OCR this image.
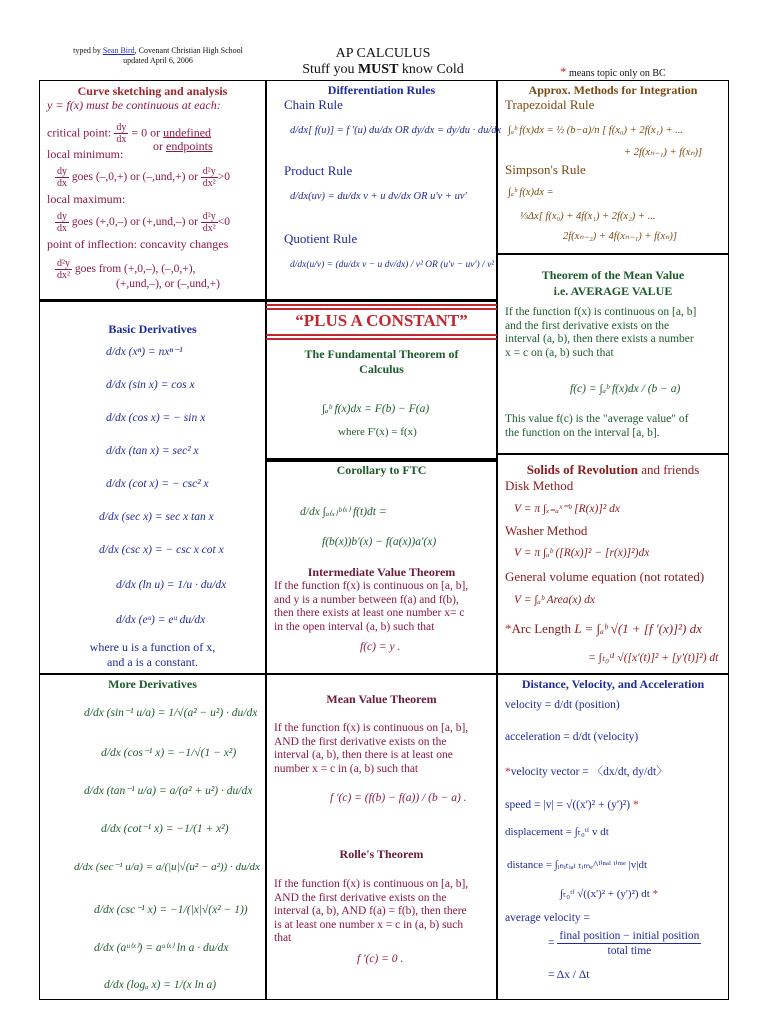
typed by Sean Bird, Covenant Christian High School
updated April 6, 2006	AP CALCULUS
Stuff you MUST know Cold	* means topic only on BC
Curve sketching and analysis
y = f(x) must be continuous at each:
critical point: $\frac{dy}{dx} = 0$ or undefined
or endpoints
local minimum:
$\frac{dy}{dx}$ goes (–,0,+) or (–,und,+) or $\frac{\text{d²y}}{\text{dx²}} >0$
local maximum:
$\frac{dy}{dx}$ goes (+,0,–) or (+,und,–) or $\frac{\text{d²y}}{\text{dx²}} <0$
point of inflection: concavity changes
$\frac{\text{d²y}}{\text{dx²}}$ goes from (+,0,–), (–,0,+),
(+,und,–), or (–,und,+)
Differentiation Rules
Chain Rule
d/dx[ f(u)] = f '(u) du/dx OR dy/dx = dy/du · du/dx
Product Rule
d/dx(uv) = du/dx v + u dv/dx OR u'v + uv'
Quotient Rule
d/dx(u/v) = (du/dx v − u dv/dx) / v² OR (u'v − uv') / v²
Approx. Methods for Integration
Trapezoidal Rule
∫ₐᵇ f(x)dx = ½ (b−a)/n [ f(x₀) + 2f(x₁) + ...
+ 2f(xₙ₋₁) + f(xₙ)]
Simpson's Rule
∫ₐᵇ f(x)dx =
⅓Δx[ f(x₀) + 4f(x₁) + 2f(x₂) + ...
2f(xₙ₋₂) + 4f(xₙ₋₁) + f(xₙ)]
Theorem of the Mean Value
i.e. AVERAGE VALUE
If the function f(x) is continuous on [a, b]
and the first derivative exists on the
interval (a, b), then there exists a number
x = c on (a, b) such that
f(c) = ∫ₐᵇ f(x)dx / (b − a)
This value f(c) is the "average value" of
the function on the interval [a, b].
Basic Derivatives
d/dx (xⁿ) = nxⁿ⁻¹
d/dx (sin x) = cos x
d/dx (cos x) = − sin x
d/dx (tan x) = sec² x
d/dx (cot x) = − csc² x
d/dx (sec x) = sec x tan x
d/dx (csc x) = − csc x cot x
d/dx (ln u) = 1/u · du/dx
d/dx (eᵘ) = eᵘ du/dx
where u is a function of x,
and a is a constant.
“PLUS A CONSTANT”
The Fundamental Theorem of
Calculus
∫ₐᵇ f(x)dx = F(b) − F(a)
where F'(x) = f(x)
Corollary to FTC
d/dx ∫ₐ₍ₓ₎ᵇ⁽ˣ⁾ f(t)dt =
f(b(x))b'(x) − f(a(x))a'(x)
Intermediate Value Theorem
If the function f(x) is continuous on [a, b],
and y is a number between f(a) and f(b),
then there exists at least one number x= c
in the open interval (a, b) such that
f(c) = y .
Solids of Revolution and friends
Disk Method
V = π ∫ₓ₌ₐˣ⁼ᵇ [R(x)]² dx
Washer Method
V = π ∫ₐᵇ ([R(x)]² − [r(x)]²)dx
General volume equation (not rotated)
V = ∫ₐᵇ Area(x) dx
*Arc Length L = ∫ₐᵇ √(1 + [f '(x)]²) dx
= ∫ₜ₀ᵗ¹ √([x'(t)]² + [y'(t)]²) dt
More Derivatives
d/dx (sin⁻¹ u/a) = 1/√(a² − u²) · du/dx
d/dx (cos⁻¹ x) = −1/√(1 − x²)
d/dx (tan⁻¹ u/a) = a/(a² + u²) · du/dx
d/dx (cot⁻¹ x) = −1/(1 + x²)
d/dx (sec⁻¹ u/a) = a/(|u|√(u² − a²)) · du/dx
d/dx (csc⁻¹ x) = −1/(|x|√(x² − 1))
d/dx (aᵘ⁽ˣ⁾) = aᵘ⁽ˣ⁾ ln a · du/dx
d/dx (logₐ x) = 1/(x ln a)
Mean Value Theorem
If the function f(x) is continuous on [a, b],
AND the first derivative exists on the
interval (a, b), then there is at least one
number x = c in (a, b) such that
f '(c) = (f(b) − f(a)) / (b − a) .
Rolle's Theorem
If the function f(x) is continuous on [a, b],
AND the first derivative exists on the
interval (a, b), AND f(a) = f(b), then there
is at least one number x = c in (a, b) such
that
f '(c) = 0 .
Distance, Velocity, and Acceleration
velocity = d/dt (position)
acceleration = d/dt (velocity)
*velocity vector = 〈dx/dt, dy/dt〉
speed = |v| = √((x')² + (y')²) *
displacement = ∫ₜ₀ᵗᶠ v dt
distance = ∫ᵢₙᵢₜᵢₐₗ ₜᵢₘₑ^ᶠⁱⁿᵃˡ ᵗⁱᵐᵉ |v|dt
∫ₜ₀ᵗᶠ √((x')² + (y')²) dt *
average velocity =
= $\frac{\text{final position − initial position}}{\text{total time}}$
= Δx / Δt
